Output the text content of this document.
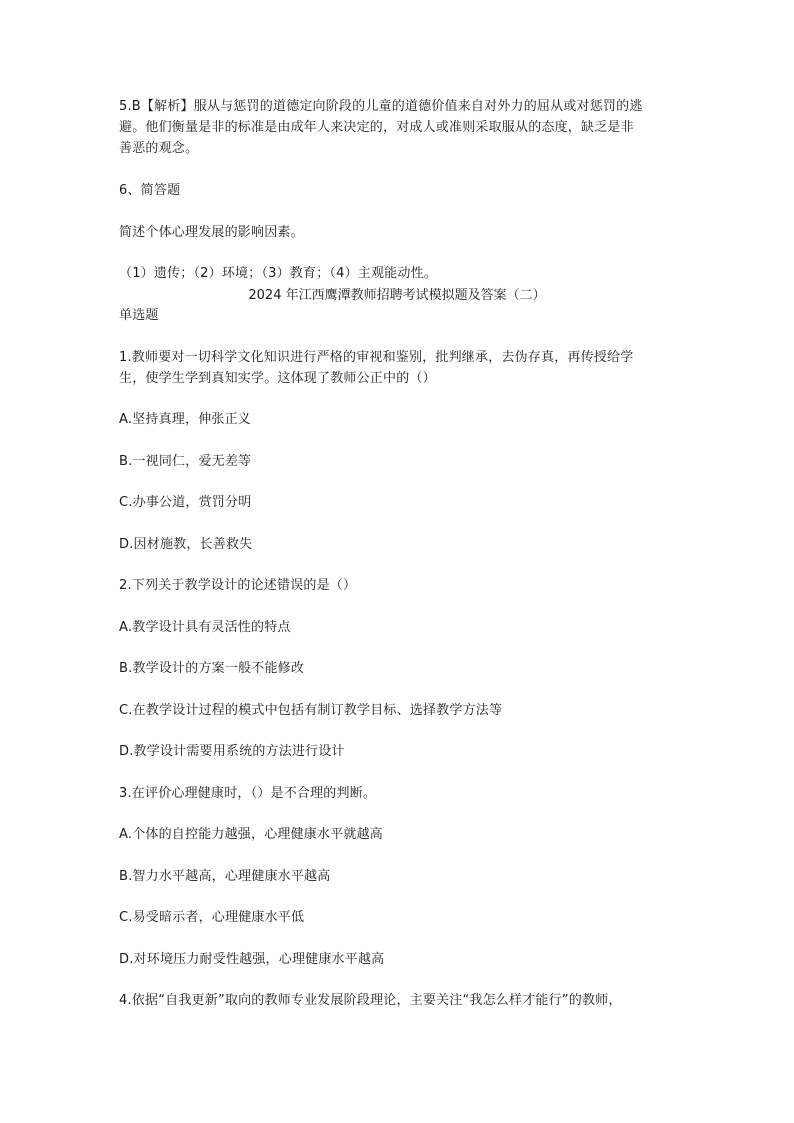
5.B【解析】服从与惩罚的道德定向阶段的儿童的道德价值来自对外力的屈从或对惩罚的逃
避。他们衡量是非的标准是由成年人来决定的，对成人或准则采取服从的态度，缺乏是非
善恶的观念。
6、简答题
简述个体心理发展的影响因素。
（1）遗传；（2）环境；（3）教育；（4）主观能动性。
2024 年江西鹰潭教师招聘考试模拟题及答案（二）
单选题
1.教师要对一切科学文化知识进行严格的审视和鉴别，批判继承，去伪存真，再传授给学
生，使学生学到真知实学。这体现了教师公正中的（）
A.坚持真理，伸张正义
B.一视同仁，爱无差等
C.办事公道，赏罚分明
D.因材施教，长善救失
2.下列关于教学设计的论述错误的是（）
A.教学设计具有灵活性的特点
B.教学设计的方案一般不能修改
C.在教学设计过程的模式中包括有制订教学目标、选择教学方法等
D.教学设计需要用系统的方法进行设计
3.在评价心理健康时，（）是不合理的判断。
A.个体的自控能力越强，心理健康水平就越高
B.智力水平越高，心理健康水平越高
C.易受暗示者，心理健康水平低
D.对环境压力耐受性越强，心理健康水平越高
4.依据“自我更新”取向的教师专业发展阶段理论，主要关注“我怎么样才能行”的教师，
